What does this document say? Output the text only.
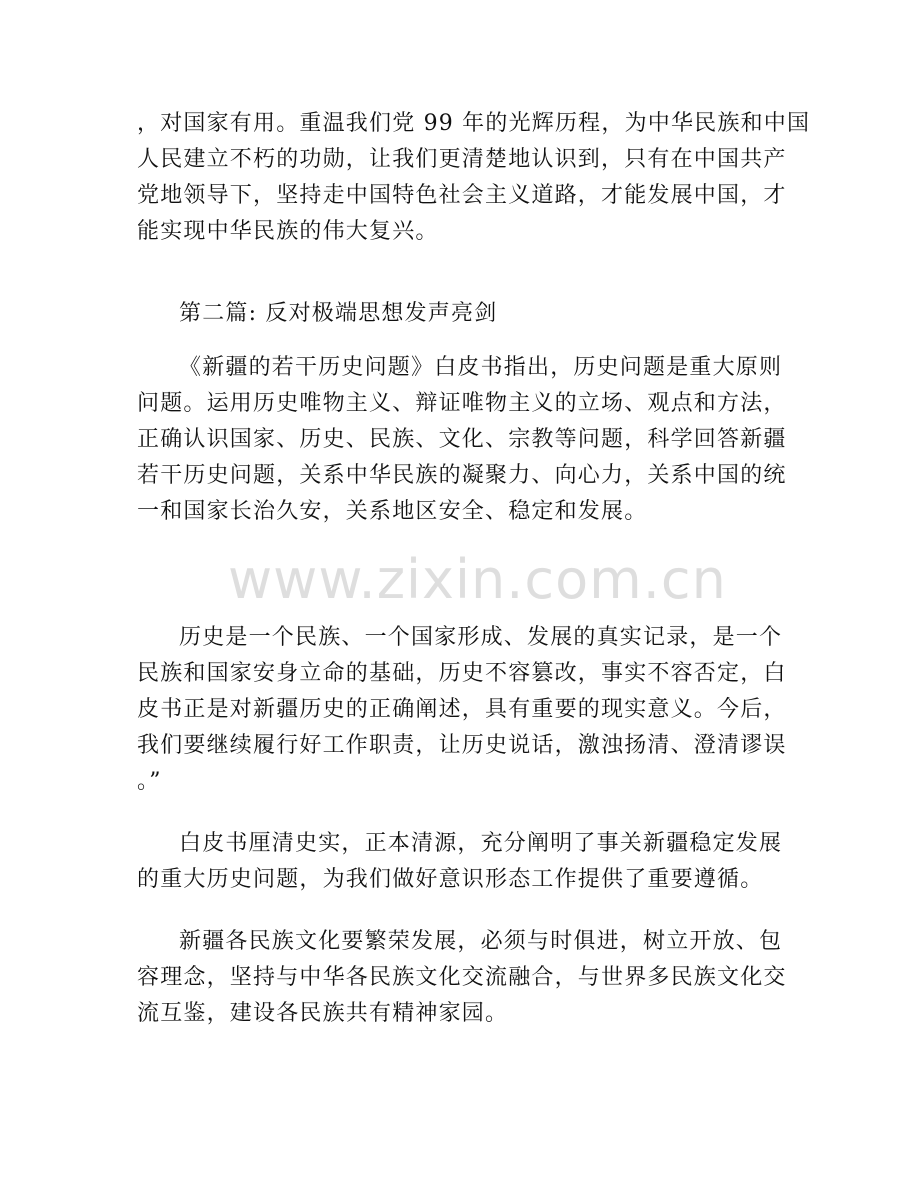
www.zixin.com.cn
，对国家有用。重温我们党 99 年的光辉历程，为中华民族和中国
人民建立不朽的功勋，让我们更清楚地认识到，只有在中国共产
党地领导下，坚持走中国特色社会主义道路，才能发展中国，才
能实现中华民族的伟大复兴。
第二篇: 反对极端思想发声亮剑
《新疆的若干历史问题》白皮书指出，历史问题是重大原则
问题。运用历史唯物主义、辩证唯物主义的立场、观点和方法，
正确认识国家、历史、民族、文化、宗教等问题，科学回答新疆
若干历史问题，关系中华民族的凝聚力、向心力，关系中国的统
一和国家长治久安，关系地区安全、稳定和发展。
历史是一个民族、一个国家形成、发展的真实记录，是一个
民族和国家安身立命的基础，历史不容篡改，事实不容否定，白
皮书正是对新疆历史的正确阐述，具有重要的现实意义。今后，
我们要继续履行好工作职责，让历史说话，激浊扬清、澄清谬误
。”
白皮书厘清史实，正本清源，充分阐明了事关新疆稳定发展
的重大历史问题，为我们做好意识形态工作提供了重要遵循。
新疆各民族文化要繁荣发展，必须与时俱进，树立开放、包
容理念，坚持与中华各民族文化交流融合，与世界多民族文化交
流互鉴，建设各民族共有精神家园。
